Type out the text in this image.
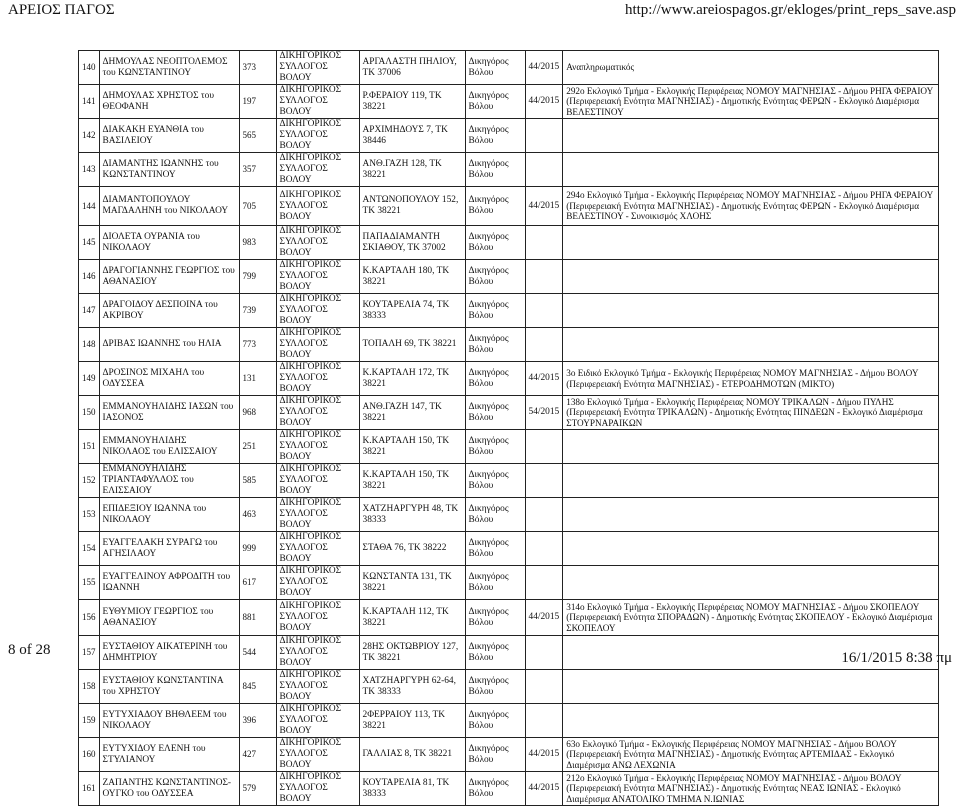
ΑΡΕΙΟΣ ΠΑΓΟΣ	http://www.areiospagos.gr/ekloges/print_reps_save.asp
140	ΔΗΜΟΥΛΑΣ ΝΕΟΠΤΟΛΕΜΟΣ του ΚΩΝΣΤΑΝΤΙΝΟΥ	373	ΔΙΚΗΓΟΡΙΚΟΣ ΣΥΛΛΟΓΟΣ ΒΟΛΟΥ	ΑΡΓΑΛΑΣΤΗ ΠΗΛΙΟΥ, ΤΚ 37006	Δικηγόρος Βόλου	44/2015	Αναπληρωματικός
141	ΔΗΜΟΥΛΑΣ ΧΡΗΣΤΟΣ του ΘΕΟΦΑΝΗ	197	ΔΙΚΗΓΟΡΙΚΟΣ ΣΥΛΛΟΓΟΣ ΒΟΛΟΥ	Ρ.ΦΕΡΑΙΟΥ 119, ΤΚ 38221	Δικηγόρος Βόλου	44/2015	292ο Εκλογικό Τμήμα - Εκλογικής Περιφέρειας ΝΟΜΟΥ ΜΑΓΝΗΣΙΑΣ - Δήμου ΡΗΓΑ ΦΕΡΑΙΟΥ (Περιφερειακή Ενότητα ΜΑΓΝΗΣΙΑΣ) - Δημοτικής Ενότητας ΦΕΡΩΝ - Εκλογικό Διαμέρισμα ΒΕΛΕΣΤΙΝΟΥ
142	ΔΙΑΚΑΚΗ ΕΥΑΝΘΙΑ του ΒΑΣΙΛΕΙΟΥ	565	ΔΙΚΗΓΟΡΙΚΟΣ ΣΥΛΛΟΓΟΣ ΒΟΛΟΥ	ΑΡΧΙΜΗΔΟΥΣ 7, ΤΚ 38446	Δικηγόρος Βόλου		
143	ΔΙΑΜΑΝΤΗΣ ΙΩΑΝΝΗΣ του ΚΩΝΣΤΑΝΤΙΝΟΥ	357	ΔΙΚΗΓΟΡΙΚΟΣ ΣΥΛΛΟΓΟΣ ΒΟΛΟΥ	ΑΝΘ.ΓΑΖΗ 128, ΤΚ 38221	Δικηγόρος Βόλου		
144	ΔΙΑΜΑΝΤΟΠΟΥΛΟΥ ΜΑΓΔΑΛΗΝΗ του ΝΙΚΟΛΑΟΥ	705	ΔΙΚΗΓΟΡΙΚΟΣ ΣΥΛΛΟΓΟΣ ΒΟΛΟΥ	ΑΝΤΩΝΟΠΟΥΛΟΥ 152, ΤΚ 38221	Δικηγόρος Βόλου	44/2015	294ο Εκλογικό Τμήμα - Εκλογικής Περιφέρειας ΝΟΜΟΥ ΜΑΓΝΗΣΙΑΣ - Δήμου ΡΗΓΑ ΦΕΡΑΙΟΥ (Περιφερειακή Ενότητα ΜΑΓΝΗΣΙΑΣ) - Δημοτικής Ενότητας ΦΕΡΩΝ - Εκλογικό Διαμέρισμα ΒΕΛΕΣΤΙΝΟΥ - Συνοικισμός ΧΛΟΗΣ
145	ΔΙΟΛΕΤΑ ΟΥΡΑΝΙΑ του ΝΙΚΟΛΑΟΥ	983	ΔΙΚΗΓΟΡΙΚΟΣ ΣΥΛΛΟΓΟΣ ΒΟΛΟΥ	ΠΑΠΑΔΙΑΜΑΝΤΗ ΣΚΙΑΘΟΥ, ΤΚ 37002	Δικηγόρος Βόλου		
146	ΔΡΑΓΟΓΙΑΝΝΗΣ ΓΕΩΡΓΙΟΣ του ΑΘΑΝΑΣΙΟΥ	799	ΔΙΚΗΓΟΡΙΚΟΣ ΣΥΛΛΟΓΟΣ ΒΟΛΟΥ	Κ.ΚΑΡΤΑΛΗ 180, ΤΚ 38221	Δικηγόρος Βόλου		
147	ΔΡΑΓΟΙΔΟΥ ΔΕΣΠΟΙΝΑ του ΑΚΡΙΒΟΥ	739	ΔΙΚΗΓΟΡΙΚΟΣ ΣΥΛΛΟΓΟΣ ΒΟΛΟΥ	ΚΟΥΤΑΡΕΛΙΑ 74, ΤΚ 38333	Δικηγόρος Βόλου		
148	ΔΡΙΒΑΣ ΙΩΑΝΝΗΣ του ΗΛΙΑ	773	ΔΙΚΗΓΟΡΙΚΟΣ ΣΥΛΛΟΓΟΣ ΒΟΛΟΥ	ΤΟΠΑΛΗ 69, ΤΚ 38221	Δικηγόρος Βόλου		
149	ΔΡΟΣΙΝΟΣ ΜΙΧΑΗΛ του ΟΔΥΣΣΕΑ	131	ΔΙΚΗΓΟΡΙΚΟΣ ΣΥΛΛΟΓΟΣ ΒΟΛΟΥ	Κ.ΚΑΡΤΑΛΗ 172, ΤΚ 38221	Δικηγόρος Βόλου	44/2015	3ο Ειδικό Εκλογικό Τμήμα - Εκλογικής Περιφέρειας ΝΟΜΟΥ ΜΑΓΝΗΣΙΑΣ - Δήμου ΒΟΛΟΥ (Περιφερειακή Ενότητα ΜΑΓΝΗΣΙΑΣ) - ΕΤΕΡΟΔΗΜΟΤΩΝ (ΜΙΚΤΟ)
150	ΕΜΜΑΝΟΥΗΛΙΔΗΣ ΙΑΣΩΝ του ΙΑΣΟΝΟΣ	968	ΔΙΚΗΓΟΡΙΚΟΣ ΣΥΛΛΟΓΟΣ ΒΟΛΟΥ	ΑΝΘ.ΓΑΖΗ 147, ΤΚ 38221	Δικηγόρος Βόλου	54/2015	138ο Εκλογικό Τμήμα - Εκλογικής Περιφέρειας ΝΟΜΟΥ ΤΡΙΚΑΛΩΝ - Δήμου ΠΥΛΗΣ (Περιφερειακή Ενότητα ΤΡΙΚΑΛΩΝ) - Δημοτικής Ενότητας ΠΙΝΔΕΩΝ - Εκλογικό Διαμέρισμα ΣΤΟΥΡΝΑΡΑΙΚΩΝ
151	ΕΜΜΑΝΟΥΗΛΙΔΗΣ ΝΙΚΟΛΑΟΣ του ΕΛΙΣΣΑΙΟΥ	251	ΔΙΚΗΓΟΡΙΚΟΣ ΣΥΛΛΟΓΟΣ ΒΟΛΟΥ	Κ.ΚΑΡΤΑΛΗ 150, ΤΚ 38221	Δικηγόρος Βόλου		
152	ΕΜΜΑΝΟΥΗΛΙΔΗΣ ΤΡΙΑΝΤΑΦΥΛΛΟΣ του ΕΛΙΣΣΑΙΟΥ	585	ΔΙΚΗΓΟΡΙΚΟΣ ΣΥΛΛΟΓΟΣ ΒΟΛΟΥ	Κ.ΚΑΡΤΑΛΗ 150, ΤΚ 38221	Δικηγόρος Βόλου		
153	ΕΠΙΔΕΞΙΟΥ ΙΩΑΝΝΑ του ΝΙΚΟΛΑΟΥ	463	ΔΙΚΗΓΟΡΙΚΟΣ ΣΥΛΛΟΓΟΣ ΒΟΛΟΥ	ΧΑΤΖΗΑΡΓΥΡΗ 48, ΤΚ 38333	Δικηγόρος Βόλου		
154	ΕΥΑΓΓΕΛΑΚΗ ΣΥΡΑΓΩ του ΑΓΗΣΙΛΑΟΥ	999	ΔΙΚΗΓΟΡΙΚΟΣ ΣΥΛΛΟΓΟΣ ΒΟΛΟΥ	ΣΤΑΘΑ 76, ΤΚ 38222	Δικηγόρος Βόλου		
155	ΕΥΑΓΓΕΛΙΝΟΥ ΑΦΡΟΔΙΤΗ του ΙΩΑΝΝΗ	617	ΔΙΚΗΓΟΡΙΚΟΣ ΣΥΛΛΟΓΟΣ ΒΟΛΟΥ	ΚΩΝΣΤΑΝΤΑ 131, ΤΚ 38221	Δικηγόρος Βόλου		
156	ΕΥΘΥΜΙΟΥ ΓΕΩΡΓΙΟΣ του ΑΘΑΝΑΣΙΟΥ	881	ΔΙΚΗΓΟΡΙΚΟΣ ΣΥΛΛΟΓΟΣ ΒΟΛΟΥ	Κ.ΚΑΡΤΑΛΗ 112, ΤΚ 38221	Δικηγόρος Βόλου	44/2015	314ο Εκλογικό Τμήμα - Εκλογικής Περιφέρειας ΝΟΜΟΥ ΜΑΓΝΗΣΙΑΣ - Δήμου ΣΚΟΠΕΛΟΥ (Περιφερειακή Ενότητα ΣΠΟΡΑΔΩΝ) - Δημοτικής Ενότητας ΣΚΟΠΕΛΟΥ - Εκλογικό Διαμέρισμα ΣΚΟΠΕΛΟΥ
157	ΕΥΣΤΑΘΙΟΥ ΑΙΚΑΤΕΡΙΝΗ του ΔΗΜΗΤΡΙΟΥ	544	ΔΙΚΗΓΟΡΙΚΟΣ ΣΥΛΛΟΓΟΣ ΒΟΛΟΥ	28ΗΣ ΟΚΤΩΒΡΙΟΥ 127, ΤΚ 38221	Δικηγόρος Βόλου		
158	ΕΥΣΤΑΘΙΟΥ ΚΩΝΣΤΑΝΤΙΝΑ του ΧΡΗΣΤΟΥ	845	ΔΙΚΗΓΟΡΙΚΟΣ ΣΥΛΛΟΓΟΣ ΒΟΛΟΥ	ΧΑΤΖΗΑΡΓΥΡΗ 62-64, ΤΚ 38333	Δικηγόρος Βόλου		
159	ΕΥΤΥΧΙΑΔΟΥ ΒΗΘΛΕΕΜ του ΝΙΚΟΛΑΟΥ	396	ΔΙΚΗΓΟΡΙΚΟΣ ΣΥΛΛΟΓΟΣ ΒΟΛΟΥ	2ΦΕΡΡΑΙΟΥ 113, ΤΚ 38221	Δικηγόρος Βόλου		
160	ΕΥΤΥΧΙΔΟΥ ΕΛΕΝΗ του ΣΤΥΛΙΑΝΟΥ	427	ΔΙΚΗΓΟΡΙΚΟΣ ΣΥΛΛΟΓΟΣ ΒΟΛΟΥ	ΓΑΛΛΙΑΣ 8, ΤΚ 38221	Δικηγόρος Βόλου	44/2015	63ο Εκλογικό Τμήμα - Εκλογικής Περιφέρειας ΝΟΜΟΥ ΜΑΓΝΗΣΙΑΣ - Δήμου ΒΟΛΟΥ (Περιφερειακή Ενότητα ΜΑΓΝΗΣΙΑΣ) - Δημοτικής Ενότητας ΑΡΤΕΜΙΔΑΣ - Εκλογικό Διαμέρισμα ΑΝΩ ΛΕΧΩΝΙΑ
161	ΖΑΠΑΝΤΗΣ ΚΩΝΣΤΑΝΤΙΝΟΣ-ΟΥΓΚΟ του ΟΔΥΣΣΕΑ	579	ΔΙΚΗΓΟΡΙΚΟΣ ΣΥΛΛΟΓΟΣ ΒΟΛΟΥ	ΚΟΥΤΑΡΕΛΙΑ 81, ΤΚ 38333	Δικηγόρος Βόλου	44/2015	212ο Εκλογικό Τμήμα - Εκλογικής Περιφέρειας ΝΟΜΟΥ ΜΑΓΝΗΣΙΑΣ - Δήμου ΒΟΛΟΥ (Περιφερειακή Ενότητα ΜΑΓΝΗΣΙΑΣ) - Δημοτικής Ενότητας ΝΕΑΣ ΙΩΝΙΑΣ - Εκλογικό Διαμέρισμα ΑΝΑΤΟΛΙΚΟ ΤΜΗΜΑ Ν.ΙΩΝΙΑΣ
8 of 28	16/1/2015 8:38 πμ
